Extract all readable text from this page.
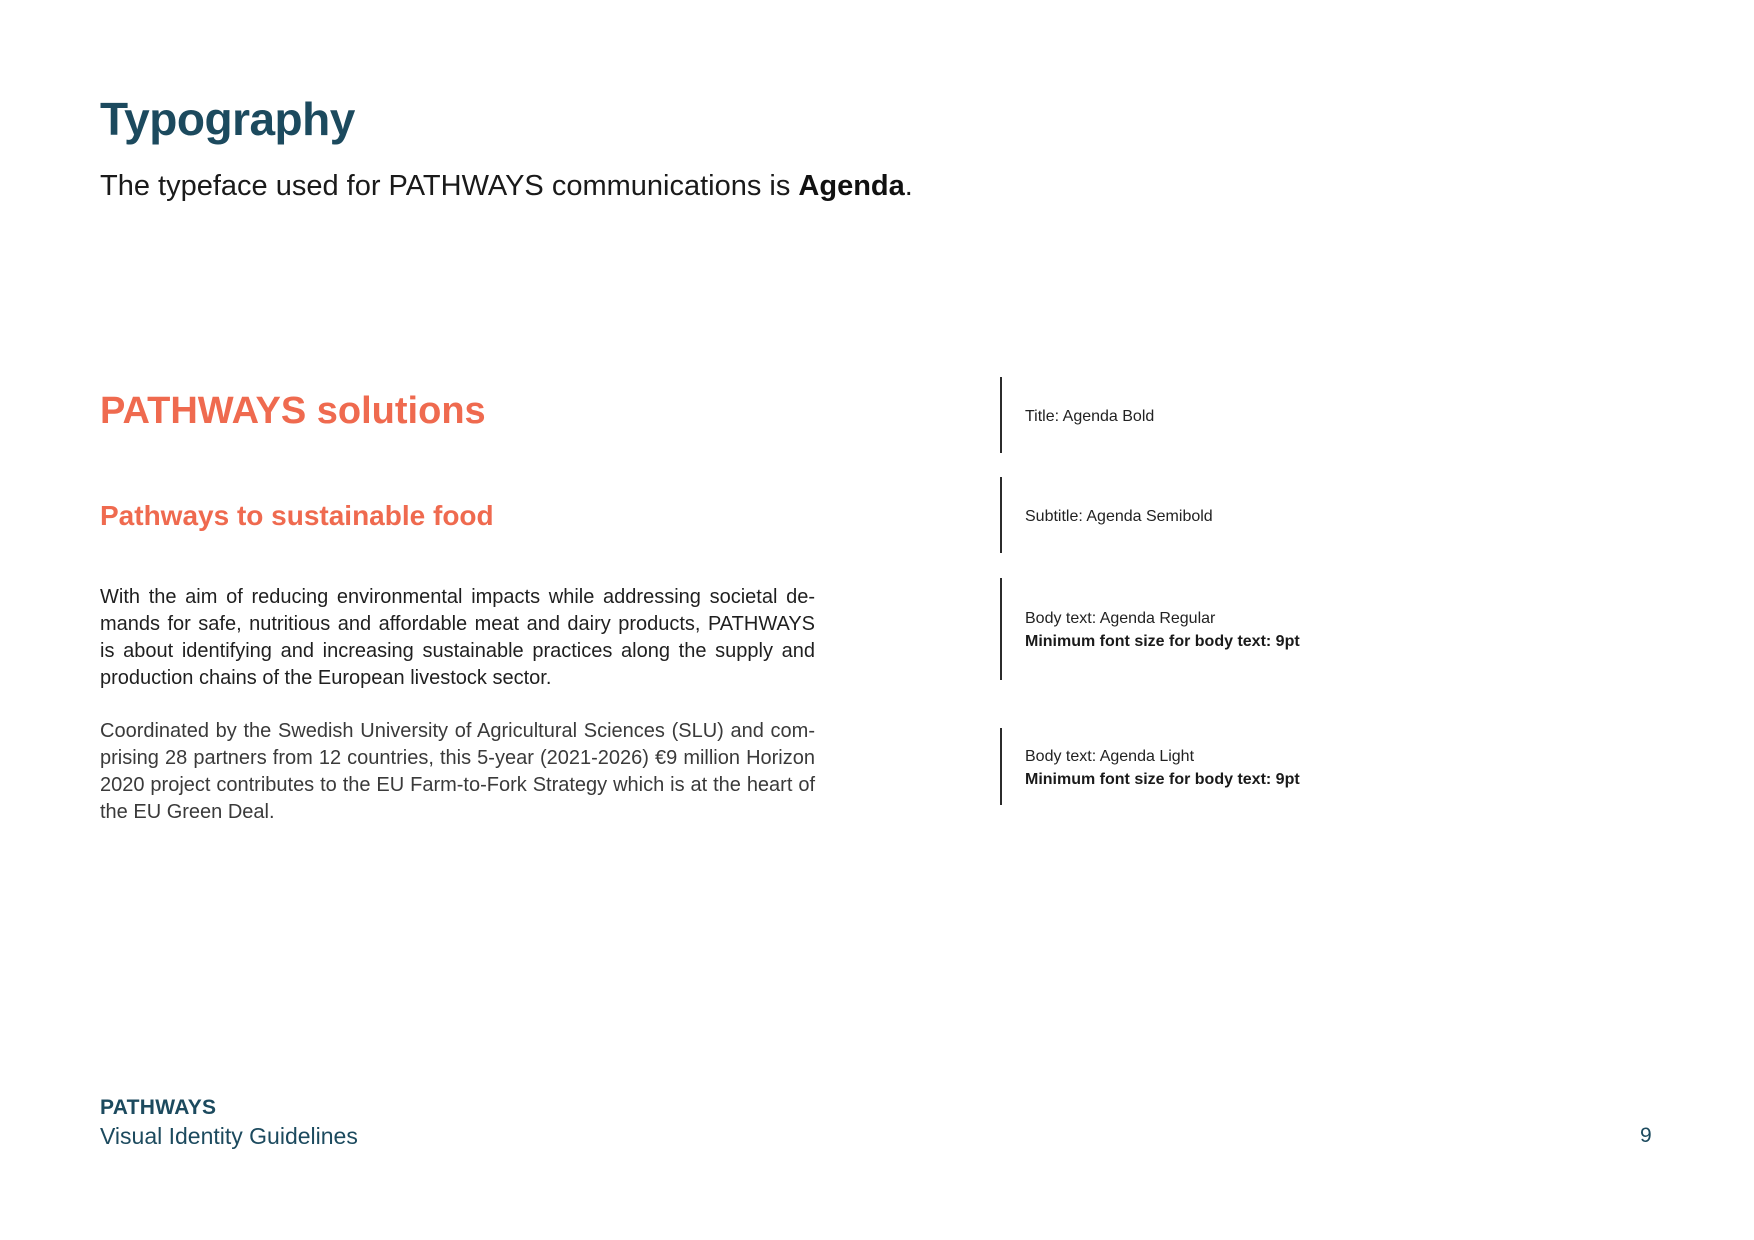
Typography
The typeface used for PATHWAYS communications is Agenda.
PATHWAYS solutions
Pathways to sustainable food
With the aim of reducing environmental impacts while addressing societal de-mands for safe, nutritious and affordable meat and dairy products, PATHWAYS is about identifying and increasing sustainable practices along the supply and production chains of the European livestock sector.
Coordinated by the Swedish University of Agricultural Sciences (SLU) and com-prising 28 partners from 12 countries, this 5-year (2021-2026) €9 million Horizon 2020 project contributes to the EU Farm-to-Fork Strategy which is at the heart of the EU Green Deal.
Title: Agenda Bold
Subtitle: Agenda Semibold
Body text: Agenda Regular
Minimum font size for body text: 9pt
Body text: Agenda Light
Minimum font size for body text: 9pt
PATHWAYS
Visual Identity Guidelines	9
